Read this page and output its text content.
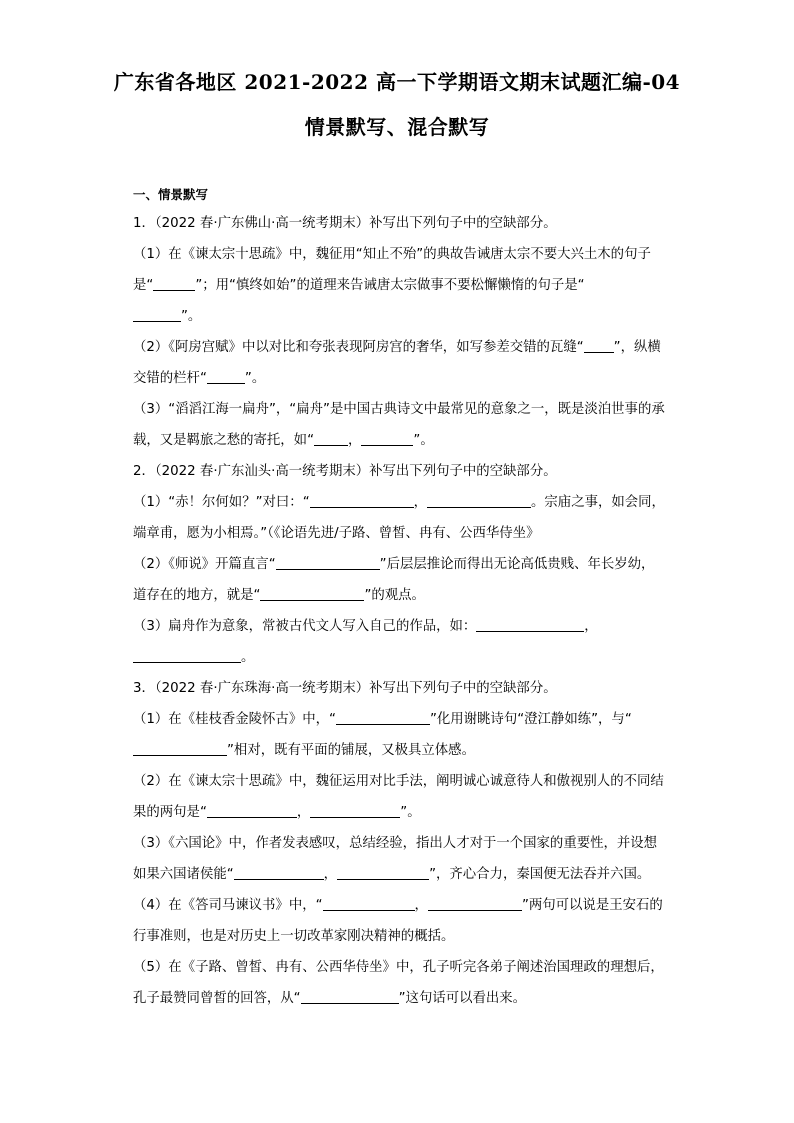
广东省各地区 2021-2022 高一下学期语文期末试题汇编-04
情景默写、混合默写
一、情景默写

1．（2022 春·广东佛山·高一统考期末）补写出下列句子中的空缺部分。

（1）在《谏太宗十思疏》中，魏征用“知止不殆”的典故告诫唐太宗不要大兴土木的句子是“	”；用“慎终如始”的道理来告诫唐太宗做事不要松懈懒惰的句子是“
”。

（2）《阿房宫赋》中以对比和夸张表现阿房宫的奢华，如写参差交错的瓦缝“ ”，纵横交错的栏杆“	”。

（3）“滔滔江海一扁舟”，“扁舟”是中国古典诗文中最常见的意象之一，既是淡泊世事的承载，又是羁旅之愁的寄托，如“	，	”。

2．（2022 春·广东汕头·高一统考期末）补写出下列句子中的空缺部分。

（1）“赤！尔何如？”对曰：“	，	。宗庙之事，如会同，端章甫，愿为小相焉。”（《论语先进/子路、曾皙、冉有、公西华侍坐》

（2）《师说》开篇直言“	”后层层推论而得出无论高低贵贱、年长岁幼，道存在的地方，就是“	”的观点。

（3）扁舟作为意象，常被古代文人写入自己的作品，如：	，
。

3．（2022 春·广东珠海·高一统考期末）补写出下列句子中的空缺部分。

（1）在《桂枝香金陵怀古》中，“	”化用谢眺诗句“澄江静如练”，与“”相对，既有平面的铺展，又极具立体感。

（2）在《谏太宗十思疏》中，魏征运用对比手法，阐明诚心诚意待人和傲视别人的不同结果的两句是“	，	”。

（3）《六国论》中，作者发表感叹，总结经验，指出人才对于一个国家的重要性，并设想如果六国诸侯能“	，	”，齐心合力，秦国便无法吞并六国。

（4）在《答司马谏议书》中，“	，	”两句可以说是王安石的行事准则，也是对历史上一切改革家刚决精神的概括。

（5）在《子路、曾皙、冉有、公西华侍坐》中，孔子听完各弟子阐述治国理政的理想后，孔子最赞同曾皙的回答，从“	”这句话可以看出来。
